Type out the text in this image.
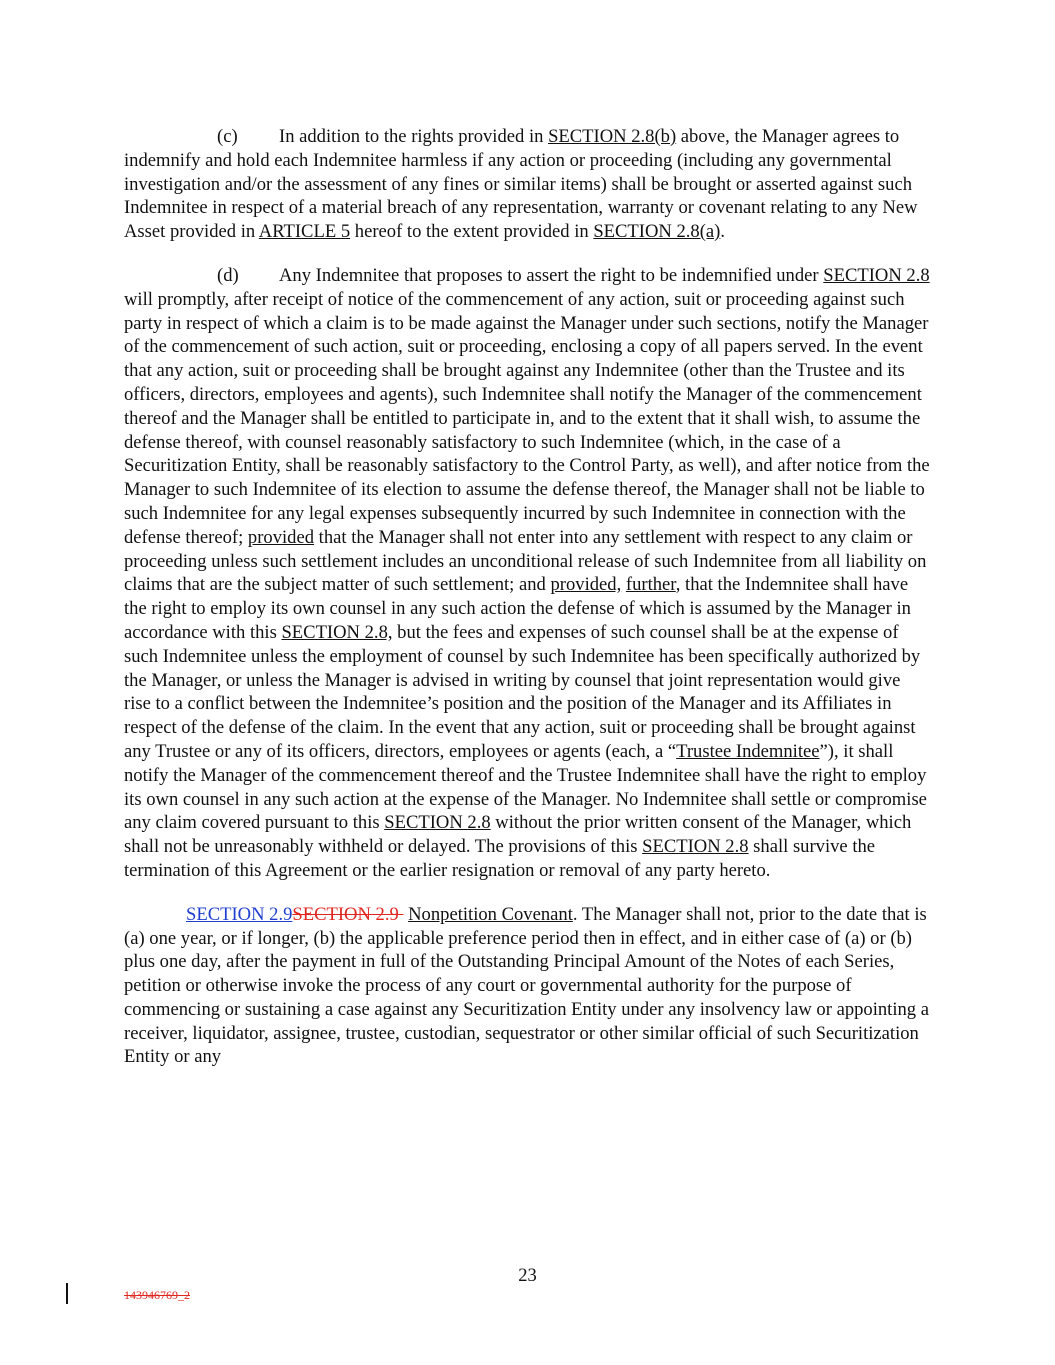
(c) In addition to the rights provided in SECTION 2.8(b) above, the Manager agrees to indemnify and hold each Indemnitee harmless if any action or proceeding (including any governmental investigation and/or the assessment of any fines or similar items) shall be brought or asserted against such Indemnitee in respect of a material breach of any representation, warranty or covenant relating to any New Asset provided in ARTICLE 5 hereof to the extent provided in SECTION 2.8(a).

(d) Any Indemnitee that proposes to assert the right to be indemnified under SECTION 2.8 will promptly, after receipt of notice of the commencement of any action, suit or proceeding against such party in respect of which a claim is to be made against the Manager under such sections, notify the Manager of the commencement of such action, suit or proceeding, enclosing a copy of all papers served. In the event that any action, suit or proceeding shall be brought against any Indemnitee (other than the Trustee and its officers, directors, employees and agents), such Indemnitee shall notify the Manager of the commencement thereof and the Manager shall be entitled to participate in, and to the extent that it shall wish, to assume the defense thereof, with counsel reasonably satisfactory to such Indemnitee (which, in the case of a Securitization Entity, shall be reasonably satisfactory to the Control Party, as well), and after notice from the Manager to such Indemnitee of its election to assume the defense thereof, the Manager shall not be liable to such Indemnitee for any legal expenses subsequently incurred by such Indemnitee in connection with the defense thereof; provided that the Manager shall not enter into any settlement with respect to any claim or proceeding unless such settlement includes an unconditional release of such Indemnitee from all liability on claims that are the subject matter of such settlement; and provided, further, that the Indemnitee shall have the right to employ its own counsel in any such action the defense of which is assumed by the Manager in accordance with this SECTION 2.8, but the fees and expenses of such counsel shall be at the expense of such Indemnitee unless the employment of counsel by such Indemnitee has been specifically authorized by the Manager, or unless the Manager is advised in writing by counsel that joint representation would give rise to a conflict between the Indemnitee’s position and the position of the Manager and its Affiliates in respect of the defense of the claim. In the event that any action, suit or proceeding shall be brought against any Trustee or any of its officers, directors, employees or agents (each, a “Trustee Indemnitee”), it shall notify the Manager of the commencement thereof and the Trustee Indemnitee shall have the right to employ its own counsel in any such action at the expense of the Manager. No Indemnitee shall settle or compromise any claim covered pursuant to this SECTION 2.8 without the prior written consent of the Manager, which shall not be unreasonably withheld or delayed. The provisions of this SECTION 2.8 shall survive the termination of this Agreement or the earlier resignation or removal of any party hereto.

SECTION 2.9SECTION 2.9 Nonpetition Covenant. The Manager shall not, prior to the date that is (a) one year, or if longer, (b) the applicable preference period then in effect, and in either case of (a) or (b) plus one day, after the payment in full of the Outstanding Principal Amount of the Notes of each Series, petition or otherwise invoke the process of any court or governmental authority for the purpose of commencing or sustaining a case against any Securitization Entity under any insolvency law or appointing a receiver, liquidator, assignee, trustee, custodian, sequestrator or other similar official of such Securitization Entity or any

23
143946769_2
